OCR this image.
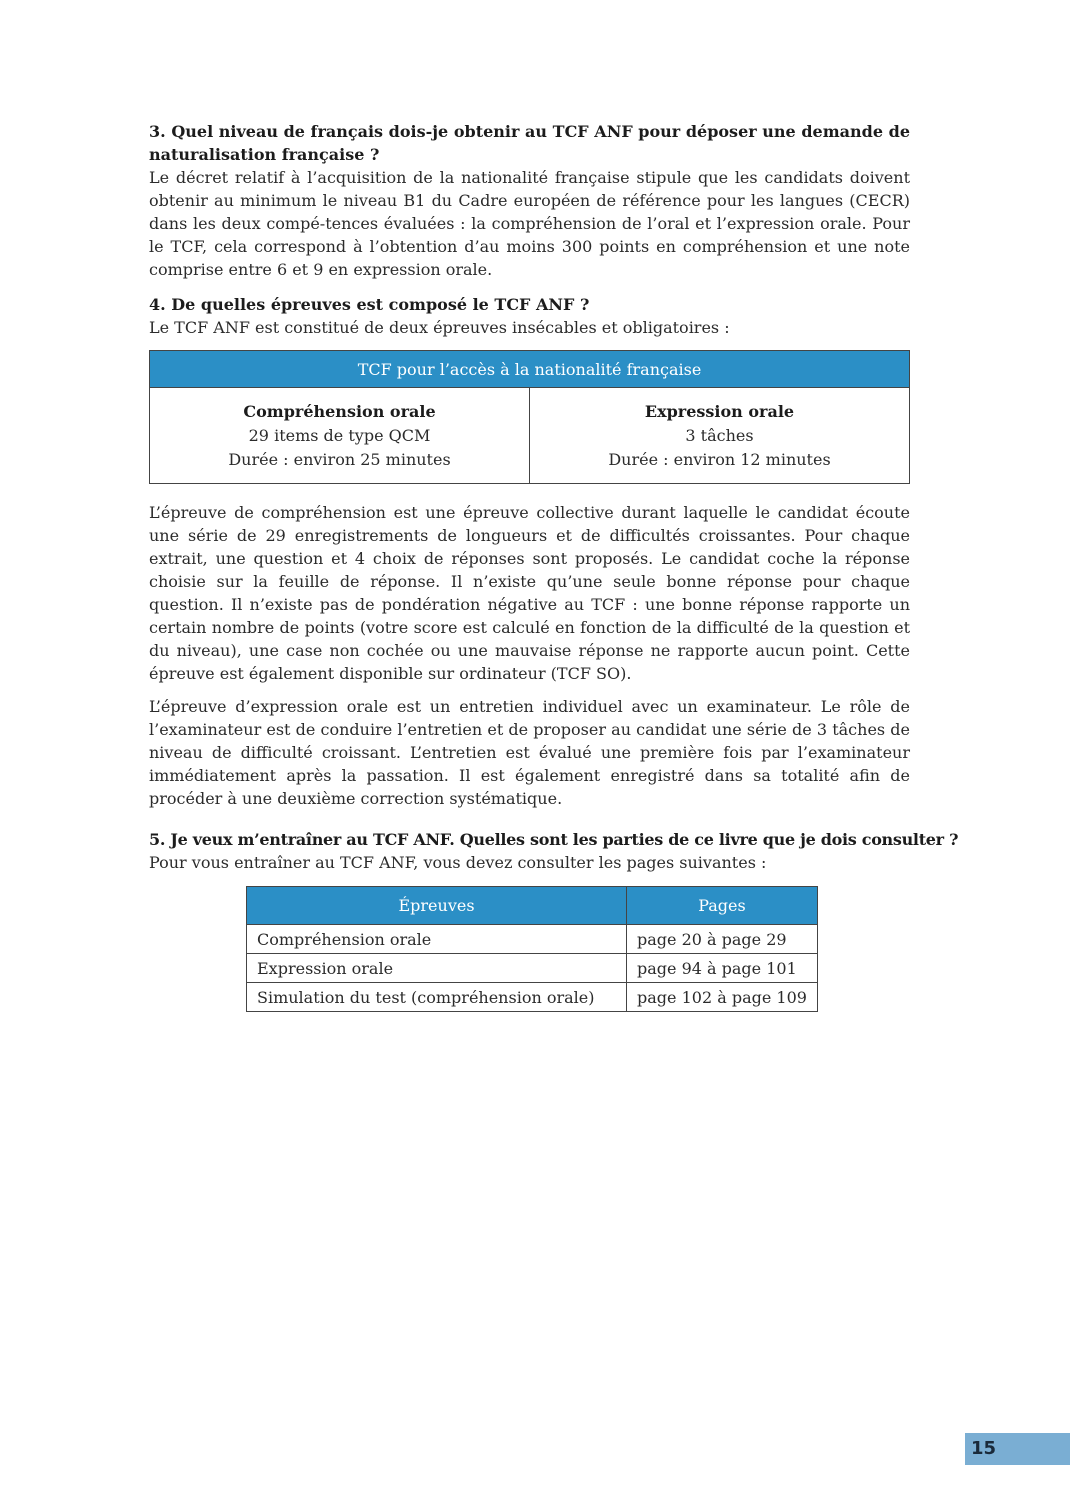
3. Quel niveau de français dois-je obtenir au TCF ANF pour déposer une demande de naturalisation française ?

Le décret relatif à l’acquisition de la nationalité française stipule que les candidats doivent obtenir au minimum le niveau B1 du Cadre européen de référence pour les langues (CECR) dans les deux compé-tences évaluées : la compréhension de l’oral et l’expression orale. Pour le TCF, cela correspond à l’obtention d’au moins 300 points en compréhension et une note comprise entre 6 et 9 en expression orale.

4. De quelles épreuves est composé le TCF ANF ?

Le TCF ANF est constitué de deux épreuves insécables et obligatoires :

TCF pour l’accès à la nationalité française

Compréhension orale
29 items de type QCM
Durée : environ 25 minutes

Expression orale
3 tâches
Durée : environ 12 minutes

L’épreuve de compréhension est une épreuve collective durant laquelle le candidat écoute une série de 29 enregistrements de longueurs et de difficultés croissantes. Pour chaque extrait, une question et 4 choix de réponses sont proposés. Le candidat coche la réponse choisie sur la feuille de réponse. Il n’existe qu’une seule bonne réponse pour chaque question. Il n’existe pas de pondération négative au TCF : une bonne réponse rapporte un certain nombre de points (votre score est calculé en fonction de la difficulté de la question et du niveau), une case non cochée ou une mauvaise réponse ne rapporte aucun point. Cette épreuve est également disponible sur ordinateur (TCF SO).

L’épreuve d’expression orale est un entretien individuel avec un examinateur. Le rôle de l’examinateur est de conduire l’entretien et de proposer au candidat une série de 3 tâches de niveau de difficulté croissant. L’entretien est évalué une première fois par l’examinateur immédiatement après la passation. Il est également enregistré dans sa totalité afin de procéder à une deuxième correction systématique.

5. Je veux m’entraîner au TCF ANF. Quelles sont les parties de ce livre que je dois consulter ?

Pour vous entraîner au TCF ANF, vous devez consulter les pages suivantes :

Épreuves	Pages
Compréhension orale	page 20 à page 29
Expression orale	page 94 à page 101
Simulation du test (compréhension orale)	page 102 à page 109
15
